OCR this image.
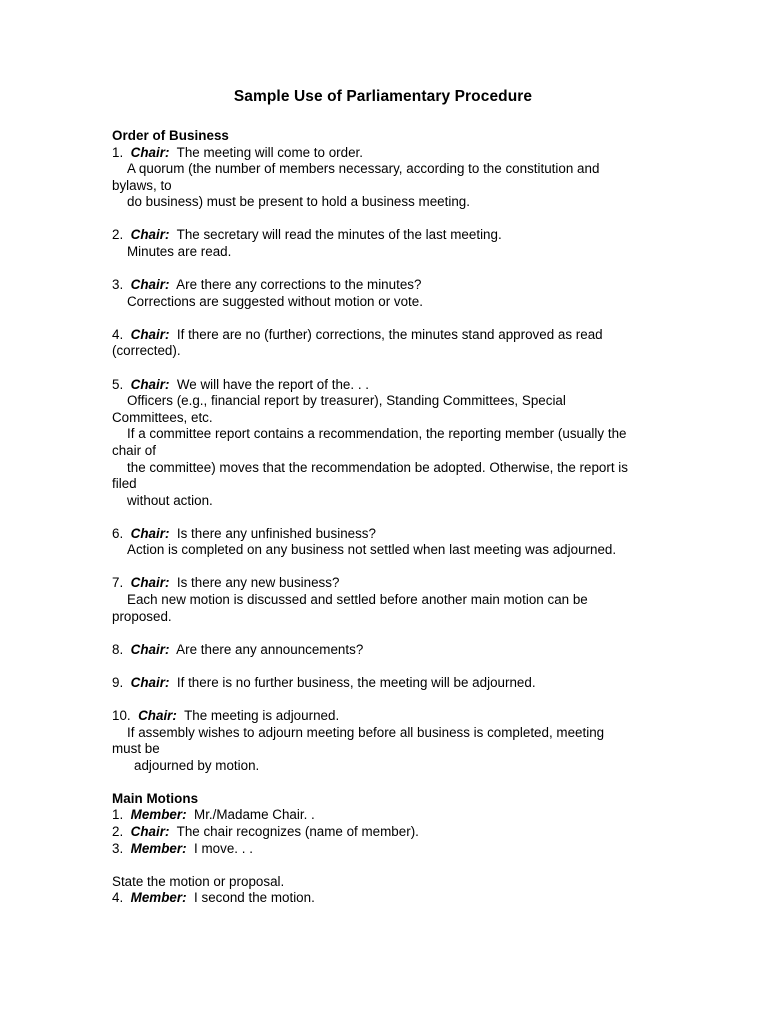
Sample Use of Parliamentary Procedure
Order of Business
1. Chair: The meeting will come to order.
A quorum (the number of members necessary, according to the constitution and
bylaws, to
do business) must be present to hold a business meeting.
2. Chair: The secretary will read the minutes of the last meeting.
Minutes are read.
3. Chair: Are there any corrections to the minutes?
Corrections are suggested without motion or vote.
4. Chair: If there are no (further) corrections, the minutes stand approved as read
(corrected).
5. Chair: We will have the report of the. . .
Officers (e.g., financial report by treasurer), Standing Committees, Special
Committees, etc.
If a committee report contains a recommendation, the reporting member (usually the
chair of
the committee) moves that the recommendation be adopted. Otherwise, the report is
filed
without action.
6. Chair: Is there any unfinished business?
Action is completed on any business not settled when last meeting was adjourned.
7. Chair: Is there any new business?
Each new motion is discussed and settled before another main motion can be
proposed.
8. Chair: Are there any announcements?
9. Chair: If there is no further business, the meeting will be adjourned.
10. Chair: The meeting is adjourned.
If assembly wishes to adjourn meeting before all business is completed, meeting
must be
adjourned by motion.
Main Motions
1. Member: Mr./Madame Chair. .
2. Chair: The chair recognizes (name of member).
3. Member: I move. . .
State the motion or proposal.
4. Member: I second the motion.
